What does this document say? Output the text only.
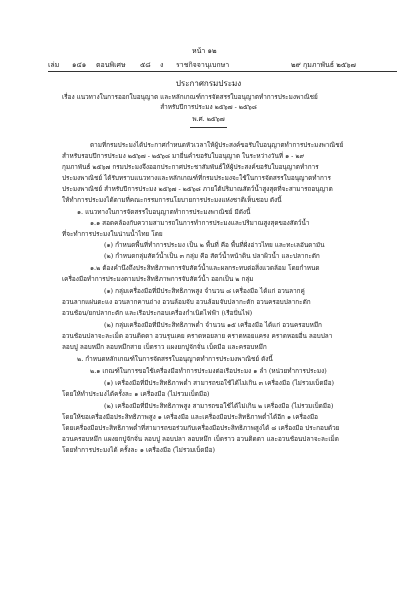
หน้า ๑๒
เล่ม ๑๔๑ ตอนพิเศษ ๕๘ ง ราชกิจจานุเบกษา	๒๙ กุมภาพันธ์ ๒๕๖๗
ประกาศกรมประมง
เรื่อง แนวทางในการออกใบอนุญาต และหลักเกณฑ์การจัดสรรใบอนุญาตทำการประมงพาณิชย์
สำหรับปีการประมง ๒๕๖๗ - ๒๕๖๘
พ.ศ. ๒๕๖๗
ตามที่กรมประมงได้ประกาศกำหนดหัวเวลาให้ผู้ประสงค์ขอรับใบอนุญาตทำการประมงพาณิชย์
สำหรับรอบปีการประมง ๒๕๖๗ - ๒๕๖๘ มายื่นคำขอรับใบอนุญาต ในระหว่างวันที่ ๑ - ๒๙
กุมภาพันธ์ ๒๕๖๗ กรมประมงจึงออกประกาศประชาสัมพันธ์ให้ผู้ประสงค์ขอรับใบอนุญาตทำการ
ประมงพาณิชย์ ได้รับทราบแนวทางและหลักเกณฑ์ที่กรมประมงจะใช้ในการจัดสรรใบอนุญาตทำการ
ประมงพาณิชย์ สำหรับปีการประมง ๒๕๖๗ - ๒๕๖๘ ภายใต้ปริมาณสัตว์น้ำสูงสุดที่จะสามารถอนุญาต
ให้ทำการประมงได้ตามที่คณะกรรมการนโยบายการประมงแห่งชาติเห็นชอบ ดังนี้
๑. แนวทางในการจัดสรรใบอนุญาตทำการประมงพาณิชย์ มีดังนี้
๑.๑ สอดคล้องกับความสามารถในการทำการประมงและปริมาณสูงสุดของสัตว์น้ำ
ที่จะทำการประมงในน่านน้ำไทย โดย
(๑) กำหนดพื้นที่ทำการประมง เป็น ๒ พื้นที่ คือ พื้นที่ฝั่งอ่าวไทย และทะเลอันดามัน
(๒) กำหนดกลุ่มสัตว์น้ำเป็น ๓ กลุ่ม คือ สัตว์น้ำหน้าดิน ปลาผิวน้ำ และปลากะตัก
๑.๒ ต้องคำนึงถึงประสิทธิภาพการจับสัตว์น้ำและผลกระทบต่อสิ่งแวดล้อม โดยกำหนด
เครื่องมือทำการประมงตามประสิทธิภาพการจับสัตว์น้ำ ออกเป็น ๒ กลุ่ม
(๑) กลุ่มเครื่องมือที่มีประสิทธิภาพสูง จำนวน ๘ เครื่องมือ ได้แก่ อวนลากคู่
อวนลากแผ่นตะแง อวนลากคานถ่าง อวนล้อมจับ อวนล้อมจับปลากะตัก อวนครอบปลากะตัก
อวนช้อน/ยกปลากะตัก และเรือประกอบเครื่องกำเนิดไฟฟ้า (เรือปั่นไฟ)
(๒) กลุ่มเครื่องมือที่มีประสิทธิภาพต่ำ จำนวน ๑๕ เครื่องมือ ได้แก่ อวนครอบหมึก
อวนช้อนปลาจะละเม็ด อวนติดตา อวนรุนเคย คราดหอยลาย คราดหอยแครง คราดหอยอื่น ลอบปลา
ลอบปู ลอบหมึก ลอบหมึกสาย เบ็ดราว แผงยกปูจักจั่น เบ็ดมือ และครอบหมึก
๒. กำหนดหลักเกณฑ์ในการจัดสรรใบอนุญาตทำการประมงพาณิชย์ ดังนี้
๒.๑ เกณฑ์ในการขอใช้เครื่องมือทำการประมงต่อเรือประมง ๑ ลำ (หน่วยทำการประมง)
(๑) เครื่องมือที่มีประสิทธิภาพต่ำ สามารถขอใช้ได้ไม่เกิน ๓ เครื่องมือ (ไม่รวมเบ็ดมือ)
โดยให้ทำประมงได้ครั้งละ ๑ เครื่องมือ (ไม่รวมเบ็ดมือ)
(๒) เครื่องมือที่มีประสิทธิภาพสูง สามารถขอใช้ได้ไม่เกิน ๒ เครื่องมือ (ไม่รวมเบ็ดมือ)
โดยให้ขอเครื่องมือประสิทธิภาพสูง ๑ เครื่องมือ และเครื่องมือประสิทธิภาพต่ำได้อีก ๑ เครื่องมือ
โดยเครื่องมือประสิทธิภาพต่ำที่สามารถขอร่วมกับเครื่องมือประสิทธิภาพสูงได้ ๘ เครื่องมือ ประกอบด้วย
อวนครอบหมึก แผงยกปูจักจั่น ลอบปู ลอบปลา ลอบหมึก เบ็ดราว อวนติดตา และอวนช้อนปลาจะละเม็ด
โดยทำการประมงได้ ครั้งละ ๑ เครื่องมือ (ไม่รวมเบ็ดมือ)
